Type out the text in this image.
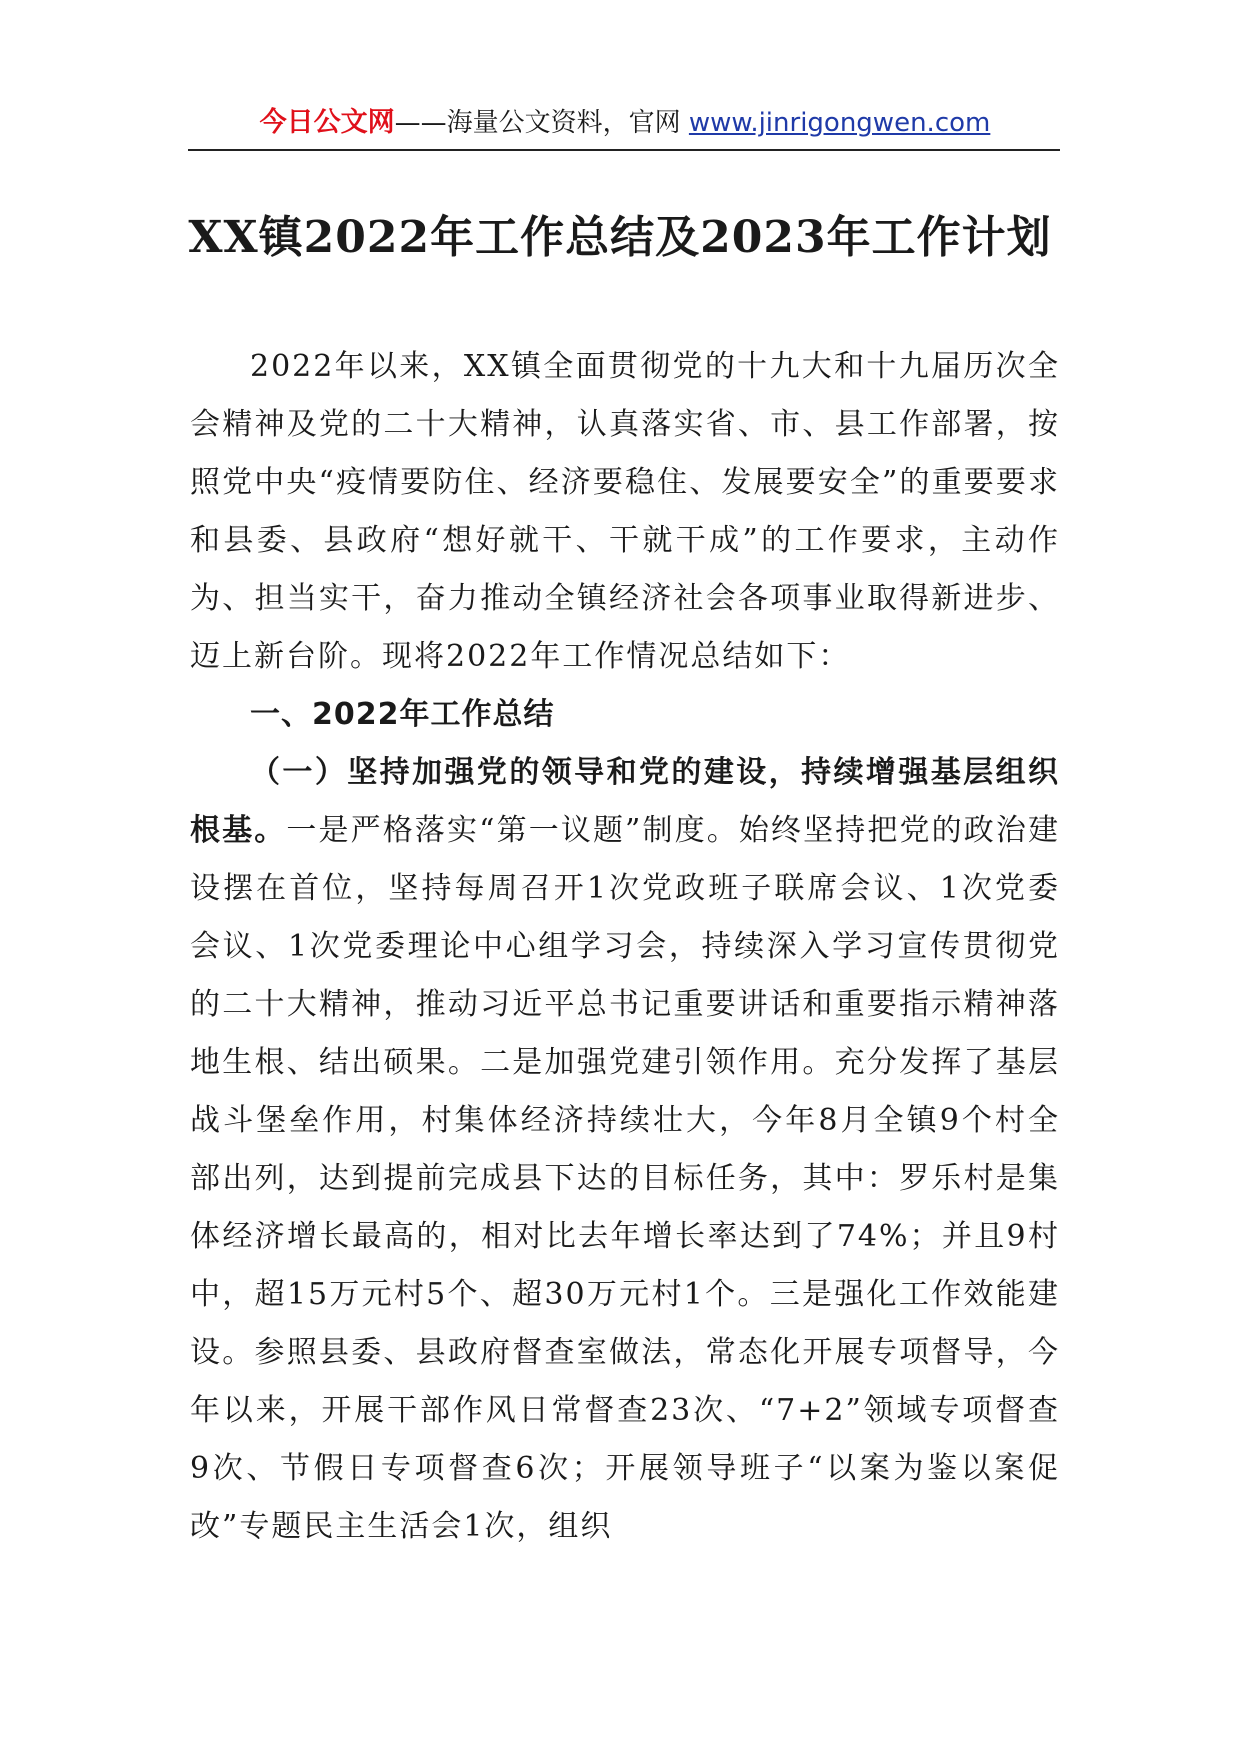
今日公文网——海量公文资料，官网 www.jinrigongwen.com
XX镇2022年工作总结及2023年工作计划

2022年以来，XX镇全面贯彻党的十九大和十九届历次全会精神及党的二十大精神，认真落实省、市、县工作部署，按照党中央“疫情要防住、经济要稳住、发展要安全”的重要要求和县委、县政府“想好就干、干就干成”的工作要求，主动作为、担当实干，奋力推动全镇经济社会各项事业取得新进步、迈上新台阶。现将2022年工作情况总结如下：

一、2022年工作总结

（一）坚持加强党的领导和党的建设，持续增强基层组织根基。一是严格落实“第一议题”制度。始终坚持把党的政治建设摆在首位，坚持每周召开1次党政班子联席会议、1次党委会议、1次党委理论中心组学习会，持续深入学习宣传贯彻党的二十大精神，推动习近平总书记重要讲话和重要指示精神落地生根、结出硕果。二是加强党建引领作用。充分发挥了基层战斗堡垒作用，村集体经济持续壮大，今年8月全镇9个村全部出列，达到提前完成县下达的目标任务，其中：罗乐村是集体经济增长最高的，相对比去年增长率达到了74%；并且9村中，超15万元村5个、超30万元村1个。三是强化工作效能建设。参照县委、县政府督查室做法，常态化开展专项督导，今年以来，开展干部作风日常督查23次、“7+2”领域专项督查9次、节假日专项督查6次；开展领导班子“以案为鉴以案促改”专题民主生活会1次，组织
